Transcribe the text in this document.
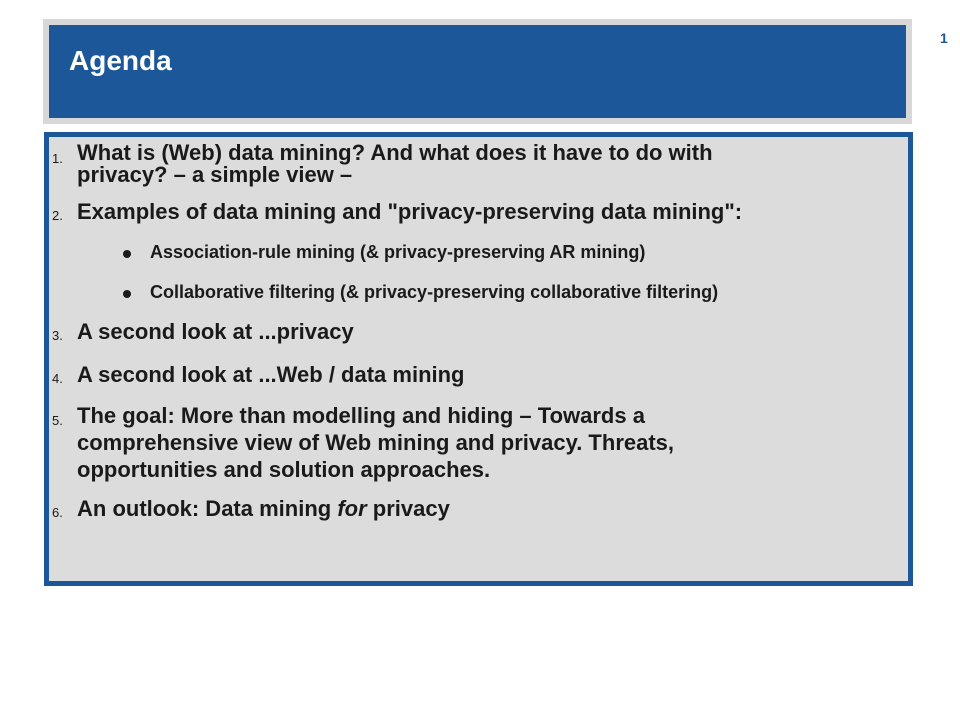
Agenda
1
1. What is (Web) data mining? And what does it have to do with
privacy? – a simple view –
2. Examples of data mining and "privacy-preserving data mining":
Association-rule mining (& privacy-preserving AR mining)
Collaborative filtering (& privacy-preserving collaborative filtering)
3. A second look at ...privacy
4. A second look at ...Web / data mining
5. The goal: More than modelling and hiding – Towards a
comprehensive view of Web mining and privacy. Threats,
opportunities and solution approaches.
6. An outlook: Data mining for privacy
